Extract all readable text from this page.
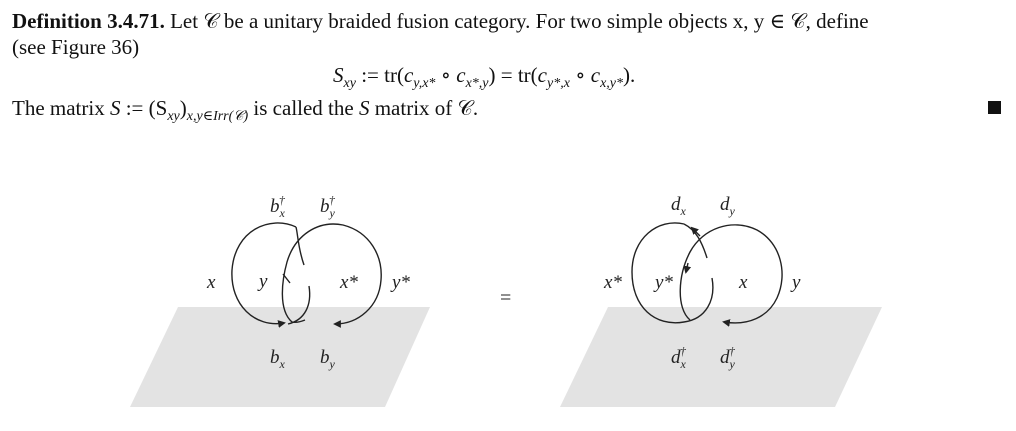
Definition 3.4.71. Let 𝒞 be a unitary braided fusion category. For two simple objects x, y ∈ 𝒞, define
(see Figure 36)
$S_{xy}$ := $tr(c_{y,x*}$ ∘ $c_{x*,y}) = tr(c_{y*,x}$ ∘ $c_{x,y*}$).
The matrix S := $(S_{xy})_{x,y\in Irr(𝒞)}$ is called the S matrix of 𝒞.
=
$b_x\dagger$ $b_y\dagger$
x y	x* y*
$b_x$ $b_y$
$d_x$ $d_y$
x* y*	x y
$d_x\dagger$ $d_y\dagger$
